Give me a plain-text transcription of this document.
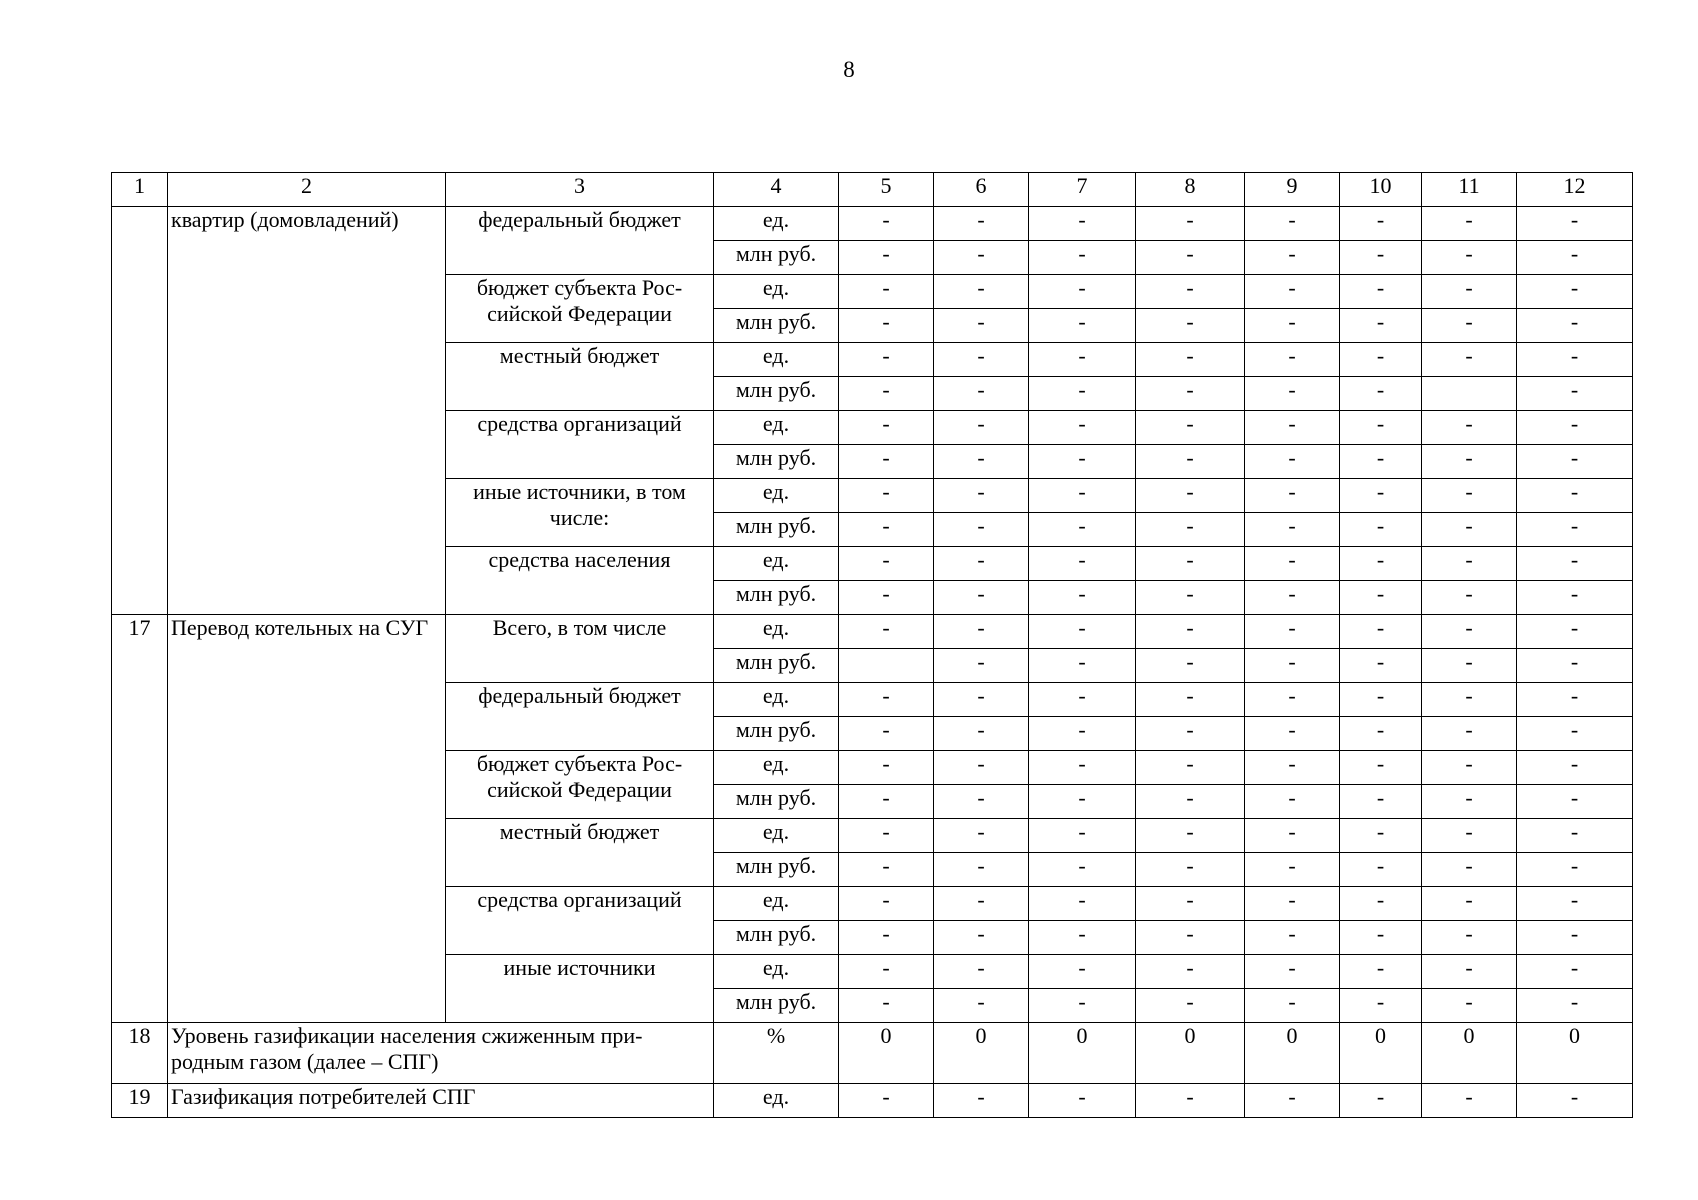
8
1	2	3	4	5	6	7	8	9	10	11	12
	квартир (домовладений)	федеральный бюджет	ед.	-	-	-	-	-	-	-	-
			млн руб.	-	-	-	-	-	-	-	-
		бюджет субъекта Рос-сийской Федерации	ед.	-	-	-	-	-	-	-	-
			млн руб.	-	-	-	-	-	-	-	-
		местный бюджет	ед.	-	-	-	-	-	-	-	-
			млн руб.	-	-	-	-	-	-		-
		средства организаций	ед.	-	-	-	-	-	-	-	-
			млн руб.	-	-	-	-	-	-	-	-
		иные источники, в том числе:	ед.	-	-	-	-	-	-	-	-
			млн руб.	-	-	-	-	-	-	-	-
		средства населения	ед.	-	-	-	-	-	-	-	-
			млн руб.	-	-	-	-	-	-	-	-
17	Перевод котельных на СУГ	Всего, в том числе	ед.	-	-	-	-	-	-	-	-
			млн руб.		-	-	-	-	-	-	-
		федеральный бюджет	ед.	-	-	-	-	-	-	-	-
			млн руб.	-	-	-	-	-	-	-	-
		бюджет субъекта Рос-сийской Федерации	ед.	-	-	-	-	-	-	-	-
			млн руб.	-	-	-	-	-	-	-	-
		местный бюджет	ед.	-	-	-	-	-	-	-	-
			млн руб.	-	-	-	-	-	-	-	-
		средства организаций	ед.	-	-	-	-	-	-	-	-
			млн руб.	-	-	-	-	-	-	-	-
		иные источники	ед.	-	-	-	-	-	-	-	-
			млн руб.	-	-	-	-	-	-	-	-
18	Уровень газификации населения сжиженным при-родным газом (далее – СПГ)		%	0	0	0	0	0	0	0	0
19	Газификация потребителей СПГ		ед.	-	-	-	-	-	-	-	-
